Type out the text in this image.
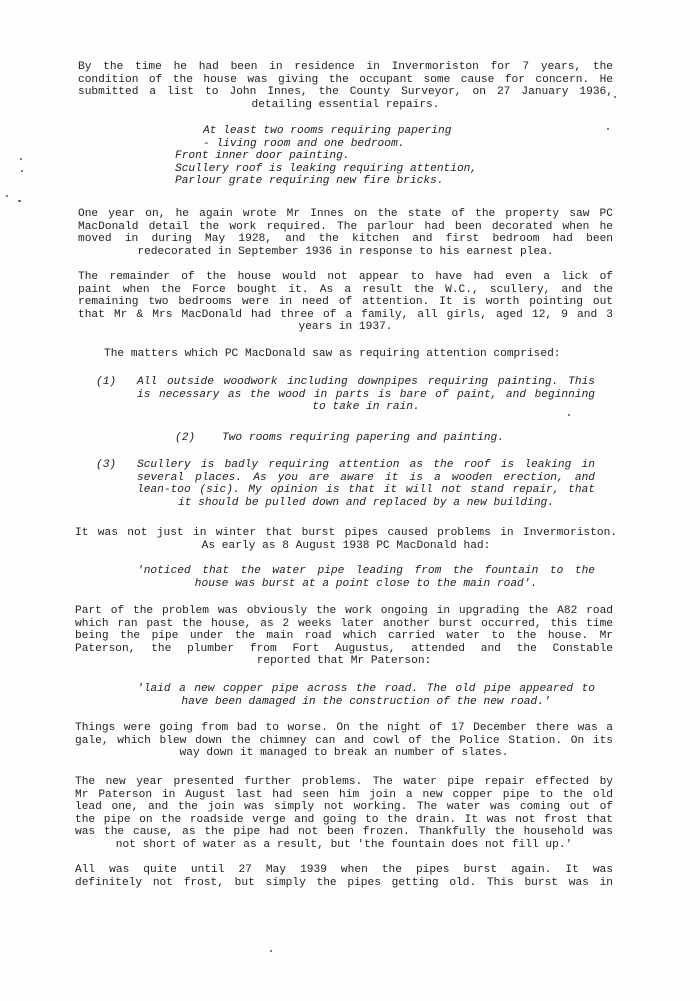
By the time he had been in residence in Invermoriston for 7 years, the
condition of the house was giving the occupant some cause for concern. He
submitted a list to John Innes, the County Surveyor, on 27 January 1936,
detailing essential repairs.
At least two rooms requiring papering
- living room and one bedroom.
Front inner door painting.
Scullery roof is leaking requiring attention,
Parlour grate requiring new fire bricks.
One year on, he again wrote Mr Innes on the state of the property saw PC
MacDonald detail the work required. The parlour had been decorated when he
moved in during May 1928, and the kitchen and first bedroom had been
redecorated in September 1936 in response to his earnest plea.
The remainder of the house would not appear to have had even a lick of
paint when the Force bought it. As a result the W.C., scullery, and the
remaining two bedrooms were in need of attention. It is worth pointing out
that Mr & Mrs MacDonald had three of a family, all girls, aged 12, 9 and 3
years in 1937.
The matters which PC MacDonald saw as requiring attention comprised:
(1) All outside woodwork including downpipes requiring painting. This
is necessary as the wood in parts is bare of paint, and beginning
to take in rain.
(2)    Two rooms requiring papering and painting.
(3) Scullery is badly requiring attention as the roof is leaking in
several places. As you are aware it is a wooden erection, and
lean-too (sic). My opinion is that it will not stand repair, that
it should be pulled down and replaced by a new building.
It was not just in winter that burst pipes caused problems in Invermoriston.
As early as 8 August 1938 PC MacDonald had:
'noticed that the water pipe leading from the fountain to the
house was burst at a point close to the main road'.
Part of the problem was obviously the work ongoing in upgrading the A82 road
which ran past the house, as 2 weeks later another burst occurred, this time
being the pipe under the main road which carried water to the house. Mr
Paterson, the plumber from Fort Augustus, attended and the Constable
reported that Mr Paterson:
'laid a new copper pipe across the road. The old pipe appeared to
have been damaged in the construction of the new road.'
Things were going from bad to worse. On the night of 17 December there was a
gale, which blew down the chimney can and cowl of the Police Station. On its
way down it managed to break an number of slates.
The new year presented further problems. The water pipe repair effected by
Mr Paterson in August last had seen him join a new copper pipe to the old
lead one, and the join was simply not working. The water was coming out of
the pipe on the roadside verge and going to the drain. It was not frost that
was the cause, as the pipe had not been frozen. Thankfully the household was
not short of water as a result, but 'the fountain does not fill up.'
All was quite until 27 May 1939 when the pipes burst again. It was
definitely not frost, but simply the pipes getting old. This burst was in
